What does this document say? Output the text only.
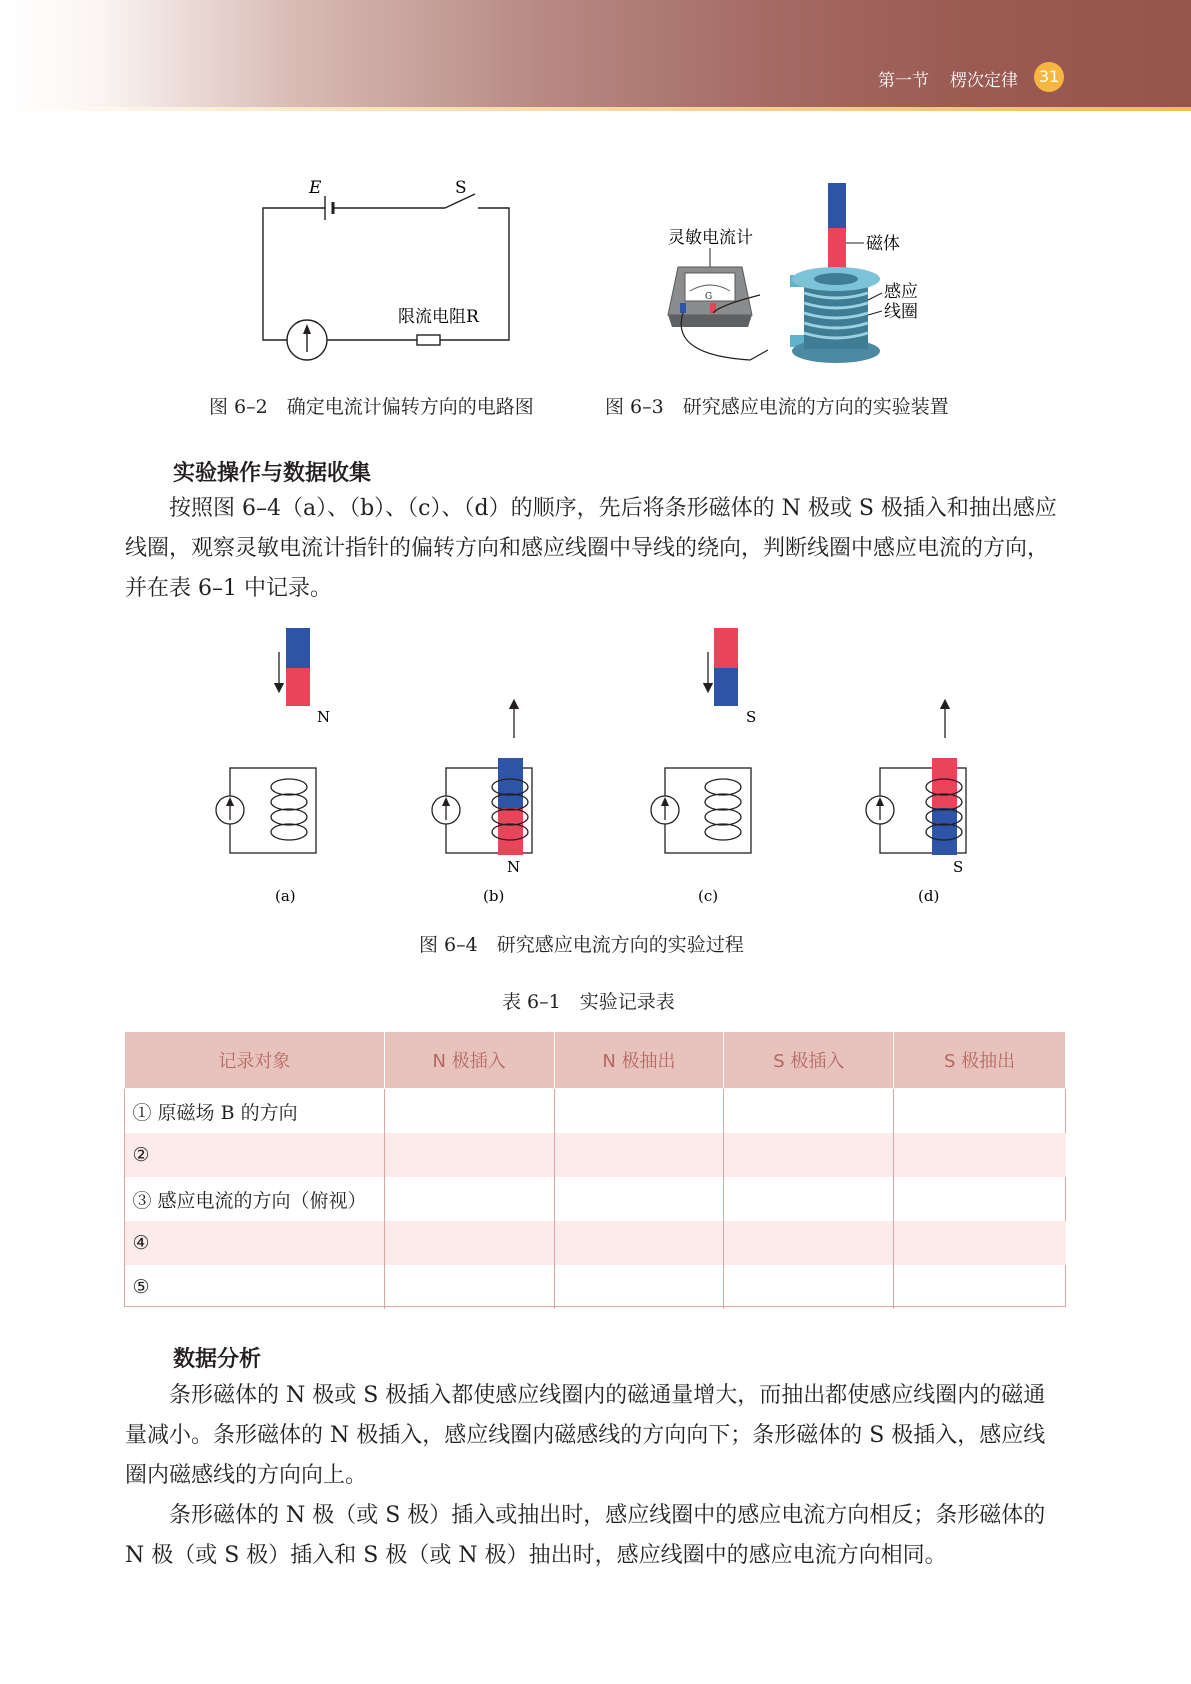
第一节 楞次定律	31
E	S
限流电阻R
图 6–2　确定电流计偏转方向的电路图
灵敏电流计
G
磁体
感应
线圈
图 6–3　研究感应电流的方向的实验装置
实验操作与数据收集

按照图 6–4（a）、（b）、（c）、（d）的顺序，先后将条形磁体的 N 极或 S 极插入和抽出感应线圈，观察灵敏电流计指针的偏转方向和感应线圈中导线的绕向，判断线圈中感应电流的方向，并在表 6–1 中记录。

N
(a)
N
(b)
S
(c)
S
(d)
图 6–4　研究感应电流方向的实验过程
表 6–1　实验记录表
记录对象	N 极插入	N 极抽出	S 极插入	S 极抽出
① 原磁场 B 的方向				
②				
③ 感应电流的方向（俯视）				
④				
⑤				
数据分析

条形磁体的 N 极或 S 极插入都使感应线圈内的磁通量增大，而抽出都使感应线圈内的磁通量减小。条形磁体的 N 极插入，感应线圈内磁感线的方向向下；条形磁体的 S 极插入，感应线圈内磁感线的方向向上。

条形磁体的 N 极（或 S 极）插入或抽出时，感应线圈中的感应电流方向相反；条形磁体的 N 极（或 S 极）插入和 S 极（或 N 极）抽出时，感应线圈中的感应电流方向相同。
